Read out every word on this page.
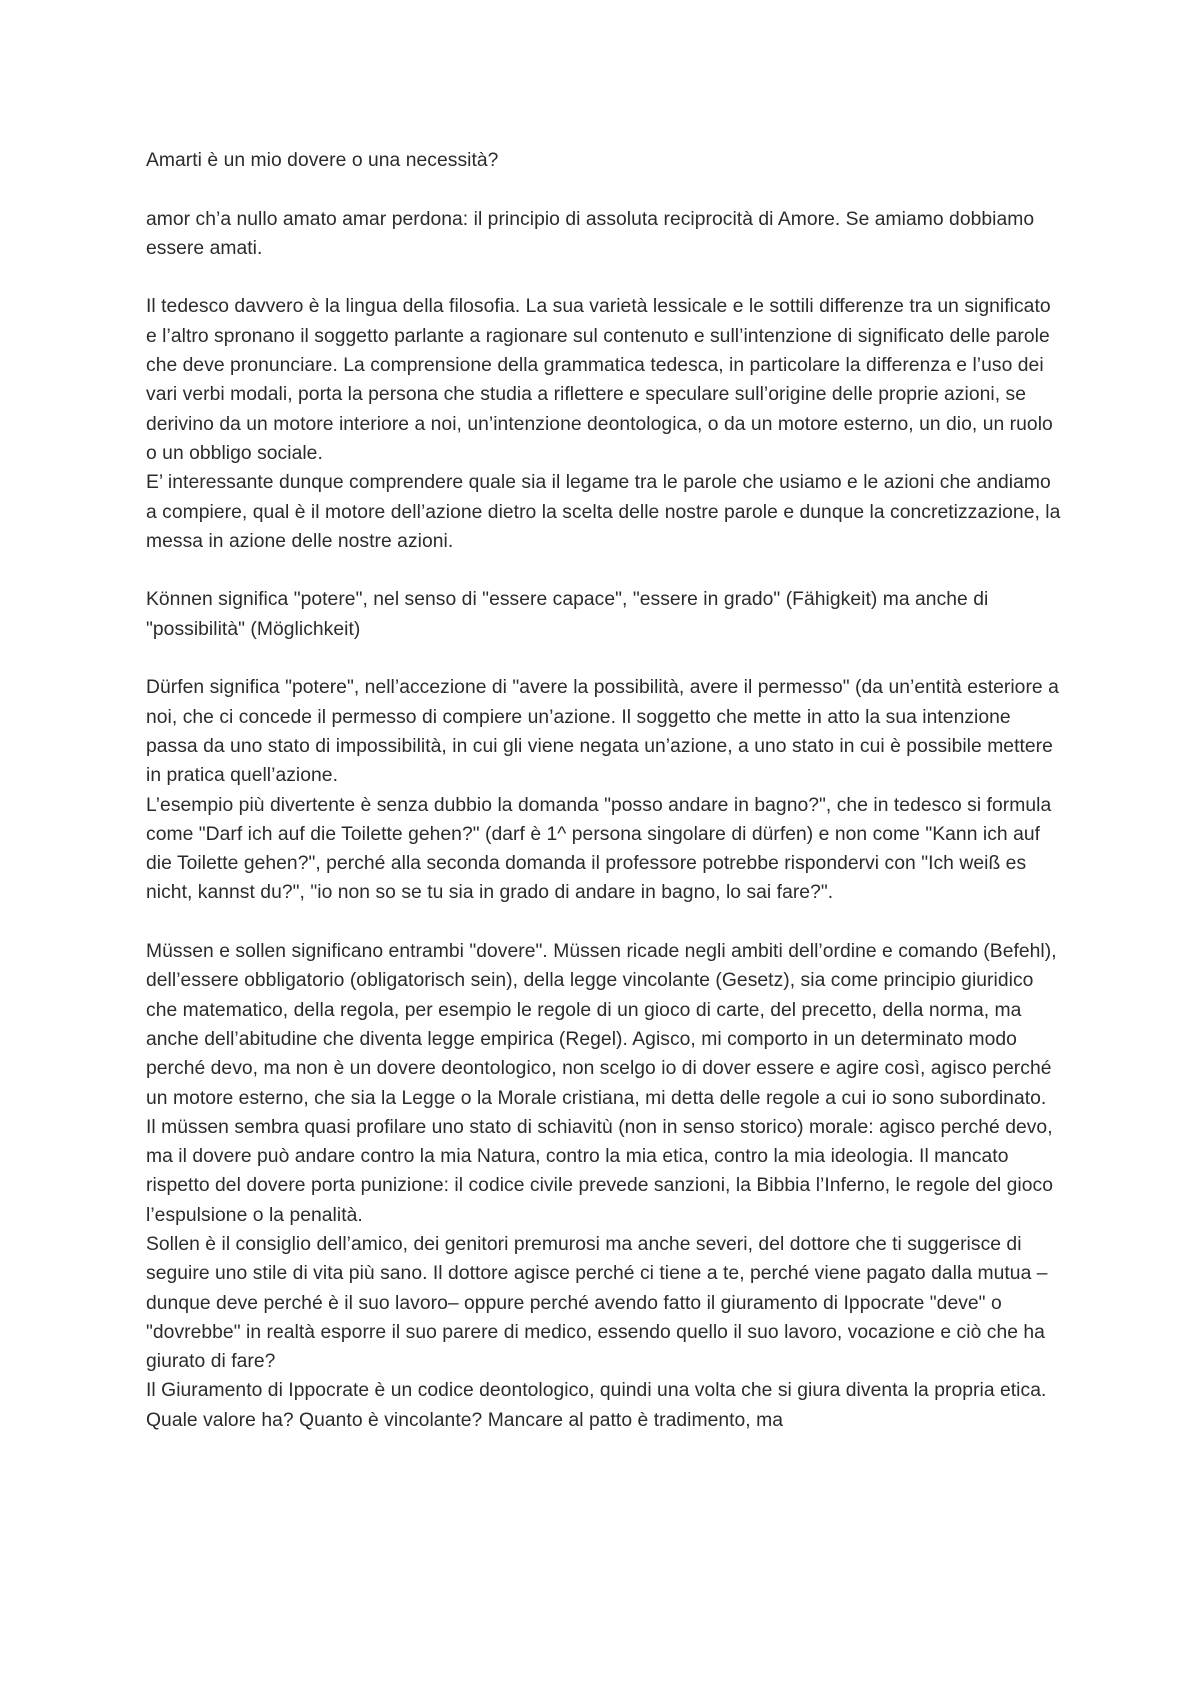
Amarti è un mio dovere o una necessità?
amor ch’a nullo amato amar perdona: il principio di assoluta reciprocità di Amore. Se amiamo dobbiamo essere amati.
Il tedesco davvero è la lingua della filosofia. La sua varietà lessicale e le sottili differenze tra un significato e l’altro spronano il soggetto parlante a ragionare sul contenuto e sull’intenzione di significato delle parole che deve pronunciare. La comprensione della grammatica tedesca, in particolare la differenza e l’uso dei vari verbi modali, porta la persona che studia a riflettere e speculare sull’origine delle proprie azioni, se derivino da un motore interiore a noi, un’intenzione deontologica, o da un motore esterno, un dio, un ruolo o un obbligo sociale.
E’ interessante dunque comprendere quale sia il legame tra le parole che usiamo e le azioni che andiamo a compiere, qual è il motore dell’azione dietro la scelta delle nostre parole e dunque la concretizzazione, la messa in azione delle nostre azioni.
Können significa "potere", nel senso di "essere capace", "essere in grado" (Fähigkeit) ma anche di "possibilità" (Möglichkeit)
Dürfen significa "potere", nell’accezione di "avere la possibilità, avere il permesso" (da un’entità esteriore a noi, che ci concede il permesso di compiere un’azione. Il soggetto che mette in atto la sua intenzione passa da uno stato di impossibilità, in cui gli viene negata un’azione, a uno stato in cui è possibile mettere in pratica quell’azione.
L’esempio più divertente è senza dubbio la domanda "posso andare in bagno?", che in tedesco si formula come "Darf ich auf die Toilette gehen?" (darf è 1^ persona singolare di dürfen) e non come "Kann ich auf die Toilette gehen?", perché alla seconda domanda il professore potrebbe rispondervi con "Ich weiß es nicht, kannst du?", "io non so se tu sia in grado di andare in bagno, lo sai fare?".
Müssen e sollen significano entrambi "dovere". Müssen ricade negli ambiti dell’ordine e comando (Befehl), dell’essere obbligatorio (obligatorisch sein), della legge vincolante (Gesetz), sia come principio giuridico che matematico, della regola, per esempio le regole di un gioco di carte, del precetto, della norma, ma anche dell’abitudine che diventa legge empirica (Regel). Agisco, mi comporto in un determinato modo perché devo, ma non è un dovere deontologico, non scelgo io di dover essere e agire così, agisco perché un motore esterno, che sia la Legge o la Morale cristiana, mi detta delle regole a cui io sono subordinato.
Il müssen sembra quasi profilare uno stato di schiavitù (non in senso storico) morale: agisco perché devo, ma il dovere può andare contro la mia Natura, contro la mia etica, contro la mia ideologia. Il mancato rispetto del dovere porta punizione: il codice civile prevede sanzioni, la Bibbia l’Inferno, le regole del gioco l’espulsione o la penalità.
Sollen è il consiglio dell’amico, dei genitori premurosi ma anche severi, del dottore che ti suggerisce di seguire uno stile di vita più sano. Il dottore agisce perché ci tiene a te, perché viene pagato dalla mutua –dunque deve perché è il suo lavoro– oppure perché avendo fatto il giuramento di Ippocrate "deve" o "dovrebbe" in realtà esporre il suo parere di medico, essendo quello il suo lavoro, vocazione e ciò che ha giurato di fare?
Il Giuramento di Ippocrate è un codice deontologico, quindi una volta che si giura diventa la propria etica. Quale valore ha? Quanto è vincolante? Mancare al patto è tradimento, ma
